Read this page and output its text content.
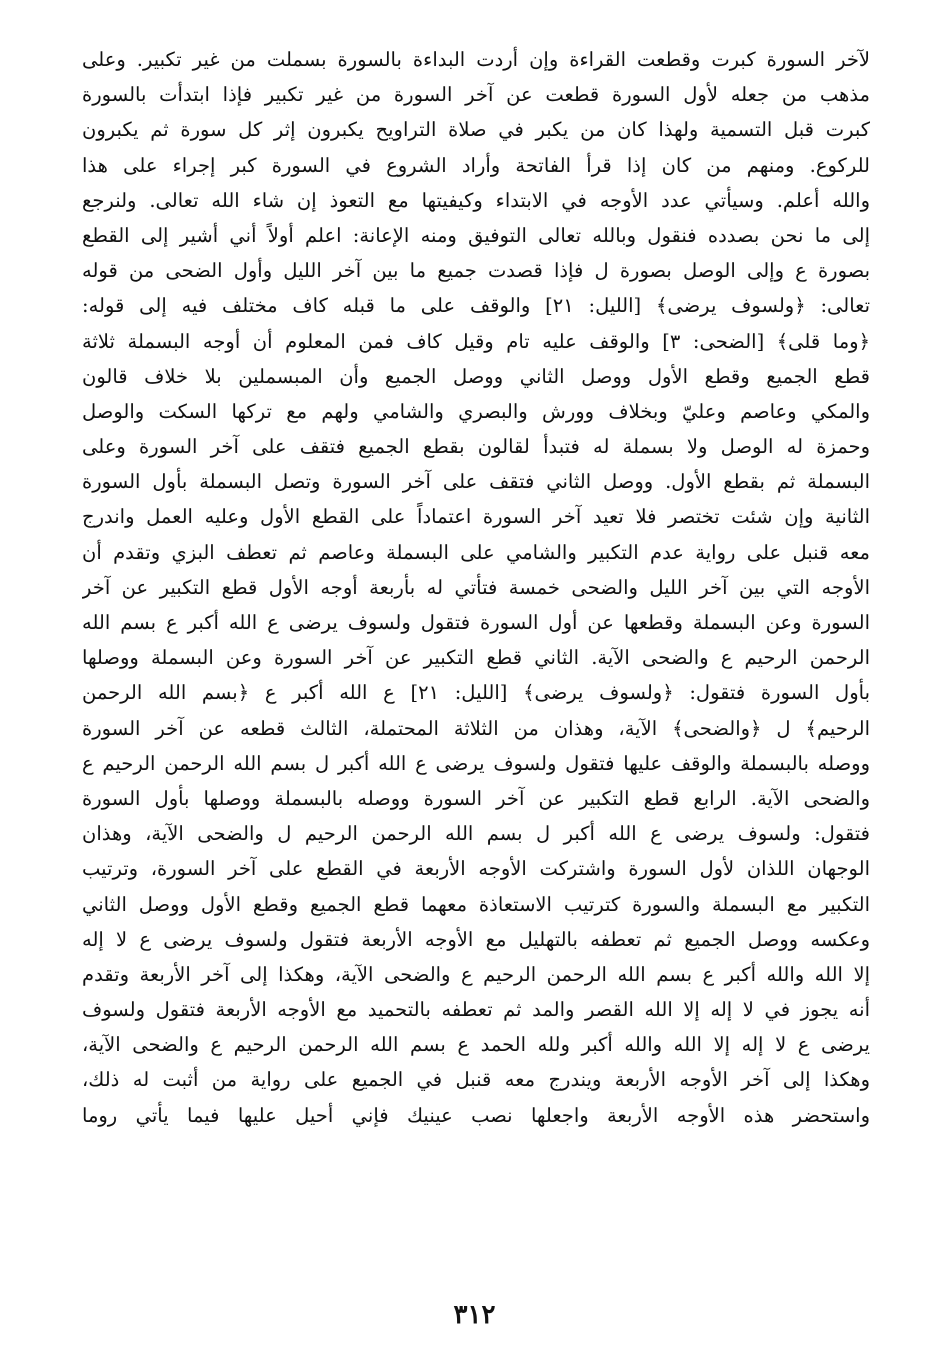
لآخر السورة كبرت وقطعت القراءة وإن أردت البداءة بالسورة بسملت من غير تكبير. وعلى
مذهب من جعله لأول السورة قطعت عن آخر السورة من غير تكبير فإذا ابتدأت بالسورة
كبرت قبل التسمية ولهذا كان من يكبر في صلاة التراويح يكبرون إثر كل سورة ثم يكبرون
للركوع. ومنهم من كان إذا قرأ الفاتحة وأراد الشروع في السورة كبر إجراء على هذا
والله أعلم. وسيأتي عدد الأوجه في الابتداء وكيفيتها مع التعوذ إن شاء الله تعالى. ولنرجع
إلى ما نحن بصدده فنقول وبالله تعالى التوفيق ومنه الإعانة: اعلم أولاً أني أشير إلى القطع
بصورة ع وإلى الوصل بصورة ل فإذا قصدت جميع ما بين آخر الليل وأول الضحى من قوله
تعالى: ﴿ولسوف يرضى﴾ [الليل: ٢١] والوقف على ما قبله كاف مختلف فيه إلى قوله:
﴿وما قلى﴾ [الضحى: ٣] والوقف عليه تام وقيل كاف فمن المعلوم أن أوجه البسملة ثلاثة
قطع الجميع وقطع الأول ووصل الثاني ووصل الجميع وأن المبسملين بلا خلاف قالون
والمكي وعاصم وعليّ وبخلاف وورش والبصري والشامي ولهم مع تركها السكت والوصل
وحمزة له الوصل ولا بسملة له فتبدأ لقالون بقطع الجميع فتقف على آخر السورة وعلى
البسملة ثم بقطع الأول. ووصل الثاني فتقف على آخر السورة وتصل البسملة بأول السورة
الثانية وإن شئت تختصر فلا تعيد آخر السورة اعتماداً على القطع الأول وعليه العمل واندرج
معه قنبل على رواية عدم التكبير والشامي على البسملة وعاصم ثم تعطف البزي وتقدم أن
الأوجه التي بين آخر الليل والضحى خمسة فتأتي له بأربعة أوجه الأول قطع التكبير عن آخر
السورة وعن البسملة وقطعها عن أول السورة فتقول ولسوف يرضى ع الله أكبر ع بسم الله
الرحمن الرحيم ع والضحى الآية. الثاني قطع التكبير عن آخر السورة وعن البسملة ووصلها
بأول السورة فتقول: ﴿ولسوف يرضى﴾ [الليل: ٢١] ع الله أكبر ع ﴿بسم الله الرحمن
الرحيم﴾ ل ﴿والضحى﴾ الآية، وهذان من الثلاثة المحتملة، الثالث قطعه عن آخر السورة
ووصله بالبسملة والوقف عليها فتقول ولسوف يرضى ع الله أكبر ل بسم الله الرحمن الرحيم ع
والضحى الآية. الرابع قطع التكبير عن آخر السورة ووصله بالبسملة ووصلها بأول السورة
فتقول: ولسوف يرضى ع الله أكبر ل بسم الله الرحمن الرحيم ل والضحى الآية، وهذان
الوجهان اللذان لأول السورة واشتركت الأوجه الأربعة في القطع على آخر السورة، وترتيب
التكبير مع البسملة والسورة كترتيب الاستعاذة معهما قطع الجميع وقطع الأول ووصل الثاني
وعكسه ووصل الجميع ثم تعطفه بالتهليل مع الأوجه الأربعة فتقول ولسوف يرضى ع لا إله
إلا الله والله أكبر ع بسم الله الرحمن الرحيم ع والضحى الآية، وهكذا إلى آخر الأربعة وتقدم
أنه يجوز في لا إله إلا الله القصر والمد ثم تعطفه بالتحميد مع الأوجه الأربعة فتقول ولسوف
يرضى ع لا إله إلا الله والله أكبر ولله الحمد ع بسم الله الرحمن الرحيم ع والضحى الآية،
وهكذا إلى آخر الأوجه الأربعة ويندرج معه قنبل في الجميع على رواية من أثبت له ذلك،
واستحضر هذه الأوجه الأربعة واجعلها نصب عينيك فإني أحيل عليها فيما يأتي روما
٣١٢
